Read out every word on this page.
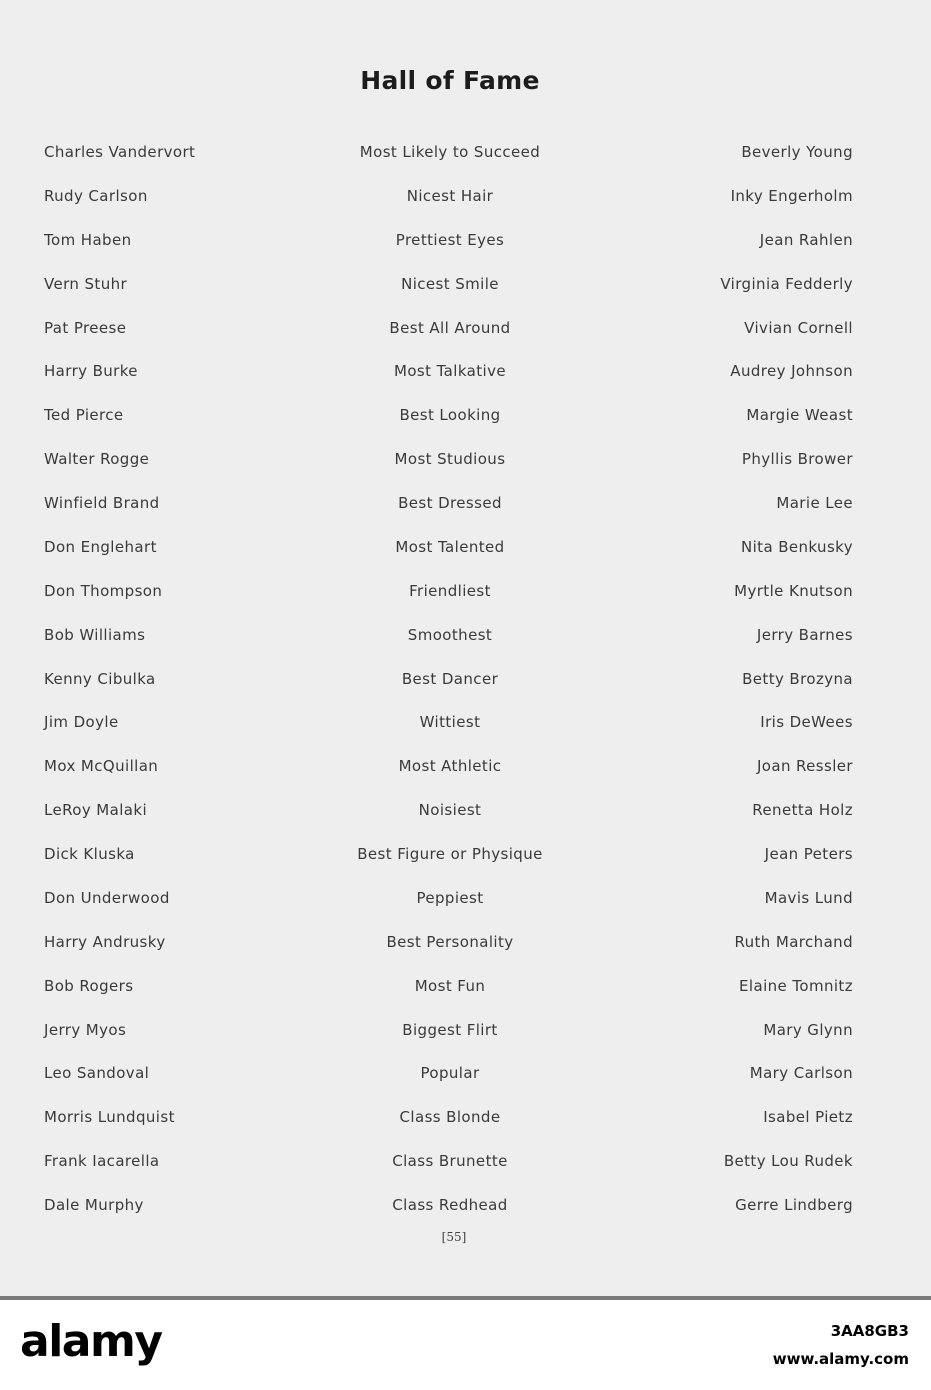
Hall of Fame
Charles Vandervort	Most Likely to Succeed	Beverly Young
Rudy Carlson	Nicest Hair	Inky Engerholm
Tom Haben	Prettiest Eyes	Jean Rahlen
Vern Stuhr	Nicest Smile	Virginia Fedderly
Pat Preese	Best All Around	Vivian Cornell
Harry Burke	Most Talkative	Audrey Johnson
Ted Pierce	Best Looking	Margie Weast
Walter Rogge	Most Studious	Phyllis Brower
Winfield Brand	Best Dressed	Marie Lee
Don Englehart	Most Talented	Nita Benkusky
Don Thompson	Friendliest	Myrtle Knutson
Bob Williams	Smoothest	Jerry Barnes
Kenny Cibulka	Best Dancer	Betty Brozyna
Jim Doyle	Wittiest	Iris DeWees
Mox McQuillan	Most Athletic	Joan Ressler
LeRoy Malaki	Noisiest	Renetta Holz
Dick Kluska	Best Figure or Physique	Jean Peters
Don Underwood	Peppiest	Mavis Lund
Harry Andrusky	Best Personality	Ruth Marchand
Bob Rogers	Most Fun	Elaine Tomnitz
Jerry Myos	Biggest Flirt	Mary Glynn
Leo Sandoval	Popular	Mary Carlson
Morris Lundquist	Class Blonde	Isabel Pietz
Frank Iacarella	Class Brunette	Betty Lou Rudek
Dale Murphy	Class Redhead	Gerre Lindberg
[55]
alamy	3AA8GB3
www.alamy.com
